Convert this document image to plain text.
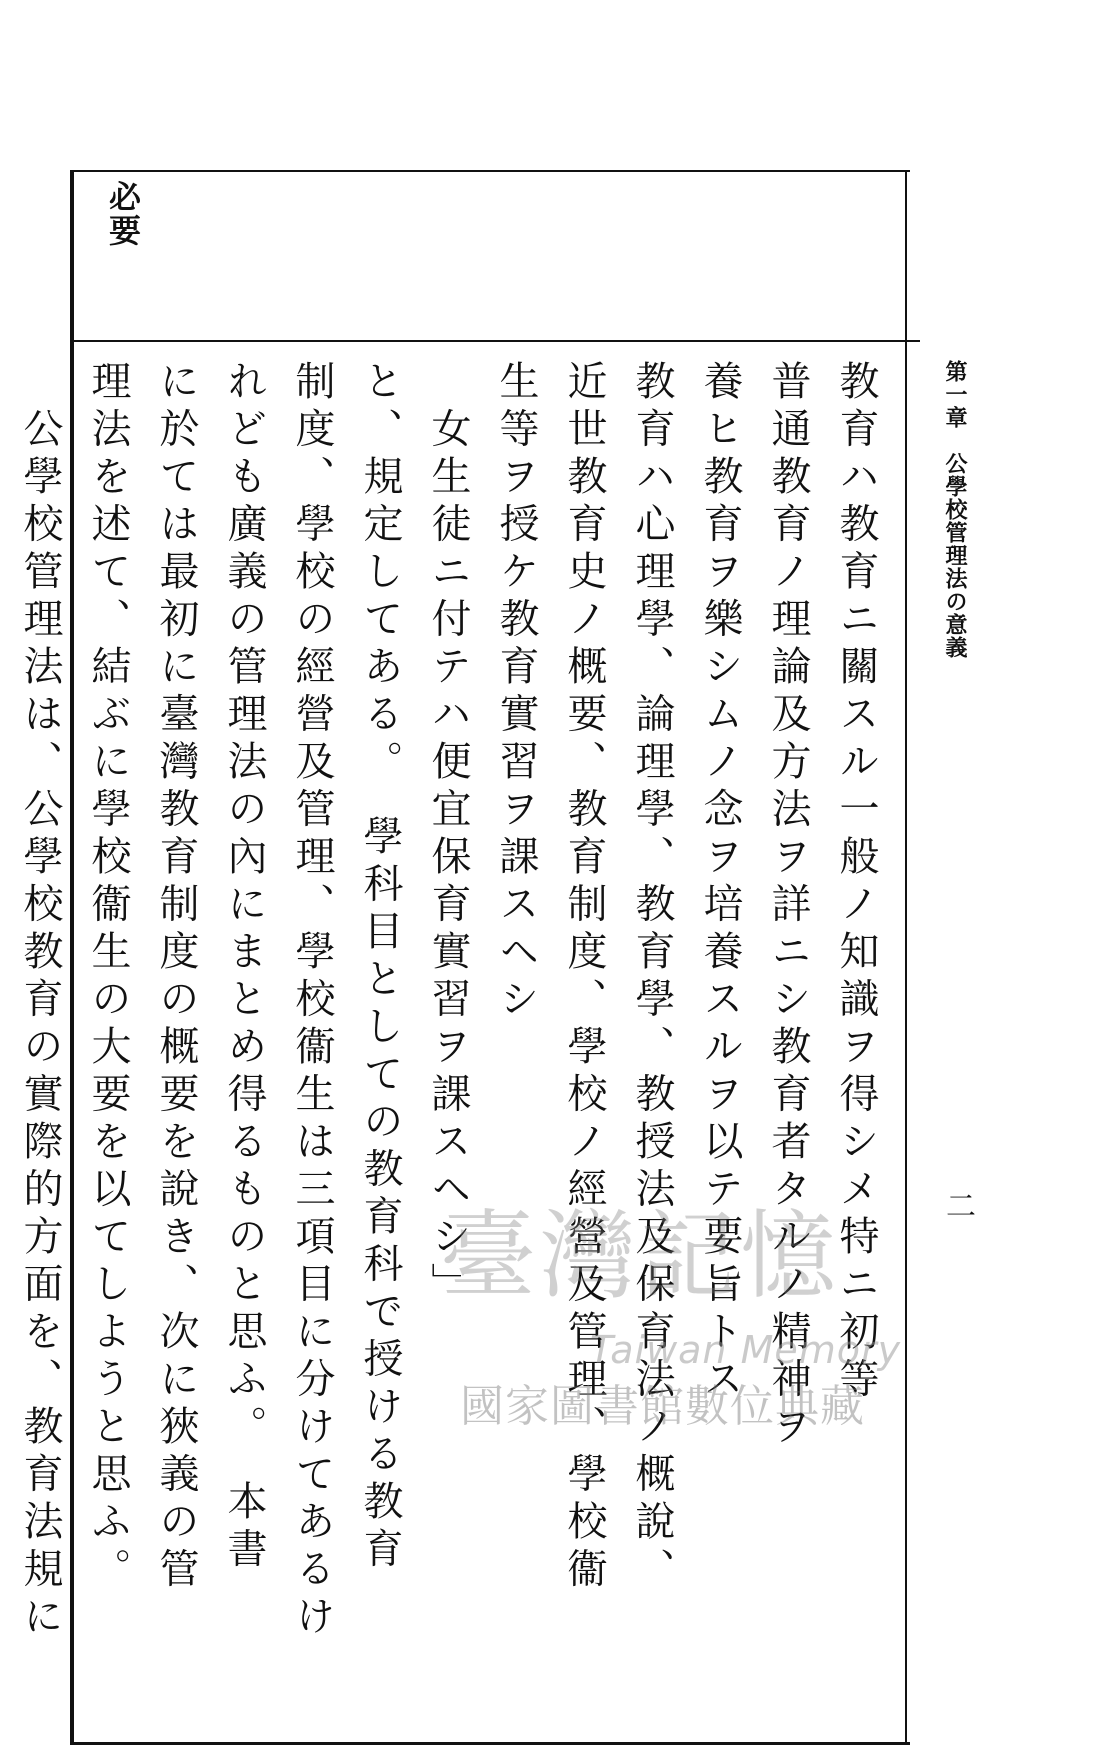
必要
第一章　公學校管理法の意義
二
教育ハ教育ニ關スル一般ノ知識ヲ得シメ特ニ初等
普通教育ノ理論及方法ヲ詳ニシ教育者タルノ精神ヲ
養ヒ教育ヲ樂シムノ念ヲ培養スルヲ以テ要旨トス
教育ハ心理學、論理學、教育學、教授法及保育法ノ概說、
近世教育史ノ概要、教育制度、學校ノ經營及管理、學校衞
生等ヲ授ケ教育實習ヲ課スヘシ
　女生徒ニ付テハ便宜保育實習ヲ課スヘシ」
と、規定してある。　學科目としての教育科で授ける教育
制度、學校の經營及管理、學校衞生は三項目に分けてあるけ
れども廣義の管理法の內にまとめ得るものと思ふ。　本書
に於ては最初に臺灣教育制度の概要を說き、次に狹義の管
理法を述て、結ぶに學校衞生の大要を以てしようと思ふ。
　公學校管理法は、公學校教育の實際的方面を、教育法規に	臺灣記憶
Taiwan Memory
國家圖書館數位典藏
